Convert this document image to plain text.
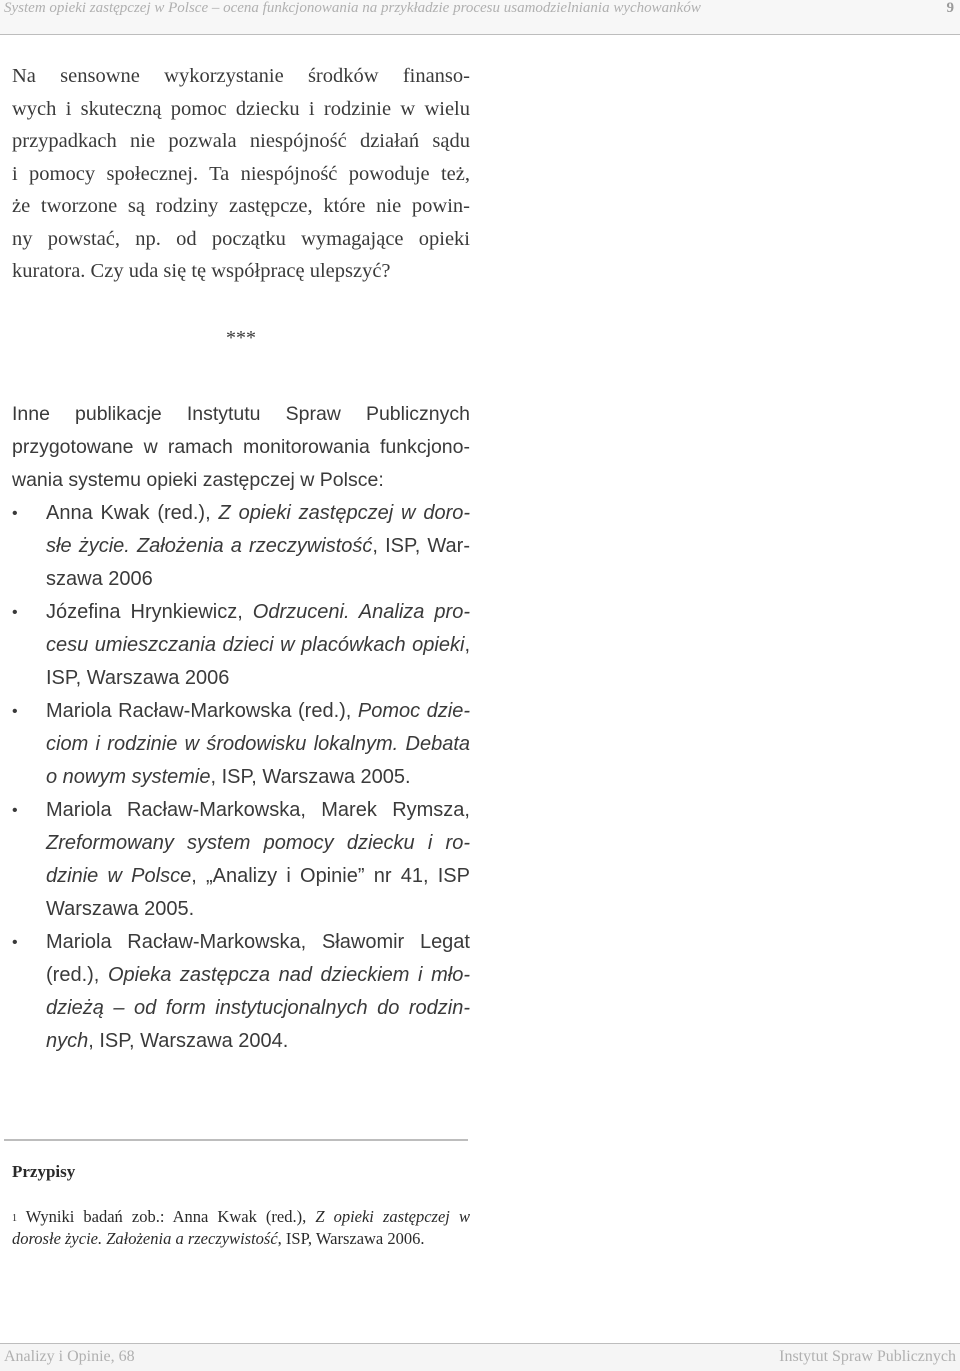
System opieki zastępczej w Polsce – ocena funkcjonowania na przykładzie procesu usamodzielniania wychowanków	9
Na sensowne wykorzystanie środków finanso-
wych i skuteczną pomoc dziecku i rodzinie w wielu
przypadkach nie pozwala niespójność działań sądu
i pomocy społecznej. Ta niespójność powoduje też,
że tworzone są rodziny zastępcze, które nie powin-
ny powstać, np. od początku wymagające opieki
kuratora. Czy uda się tę współpracę ulepszyć?
***
Inne publikacje Instytutu Spraw Publicznych
przygotowane w ramach monitorowania funkcjono-
wania systemu opieki zastępczej w Polsce:
• Anna Kwak (red.), Z opieki zastępczej w doro-
słe życie. Założenia a rzeczywistość, ISP, War-
szawa 2006
• Józefina Hrynkiewicz, Odrzuceni. Analiza pro-
cesu umieszczania dzieci w placówkach opieki,
ISP, Warszawa 2006
• Mariola Racław-Markowska (red.), Pomoc dzie-
ciom i rodzinie w środowisku lokalnym. Debata
o nowym systemie, ISP, Warszawa 2005.
• Mariola Racław-Markowska, Marek Rymsza,
Zreformowany system pomocy dziecku i ro-
dzinie w Polsce, „Analizy i Opinie” nr 41, ISP
Warszawa 2005.
• Mariola Racław-Markowska, Sławomir Legat
(red.), Opieka zastępcza nad dzieckiem i mło-
dzieżą – od form instytucjonalnych do rodzin-
nych, ISP, Warszawa 2004.
Przypisy
$^1$ Wyniki badań zob.: Anna Kwak (red.), Z opieki zastępczej w dorosłe życie. Założenia a rzeczywistość, ISP, Warszawa 2006.
Analizy i Opinie, 68	Instytut Spraw Publicznych
